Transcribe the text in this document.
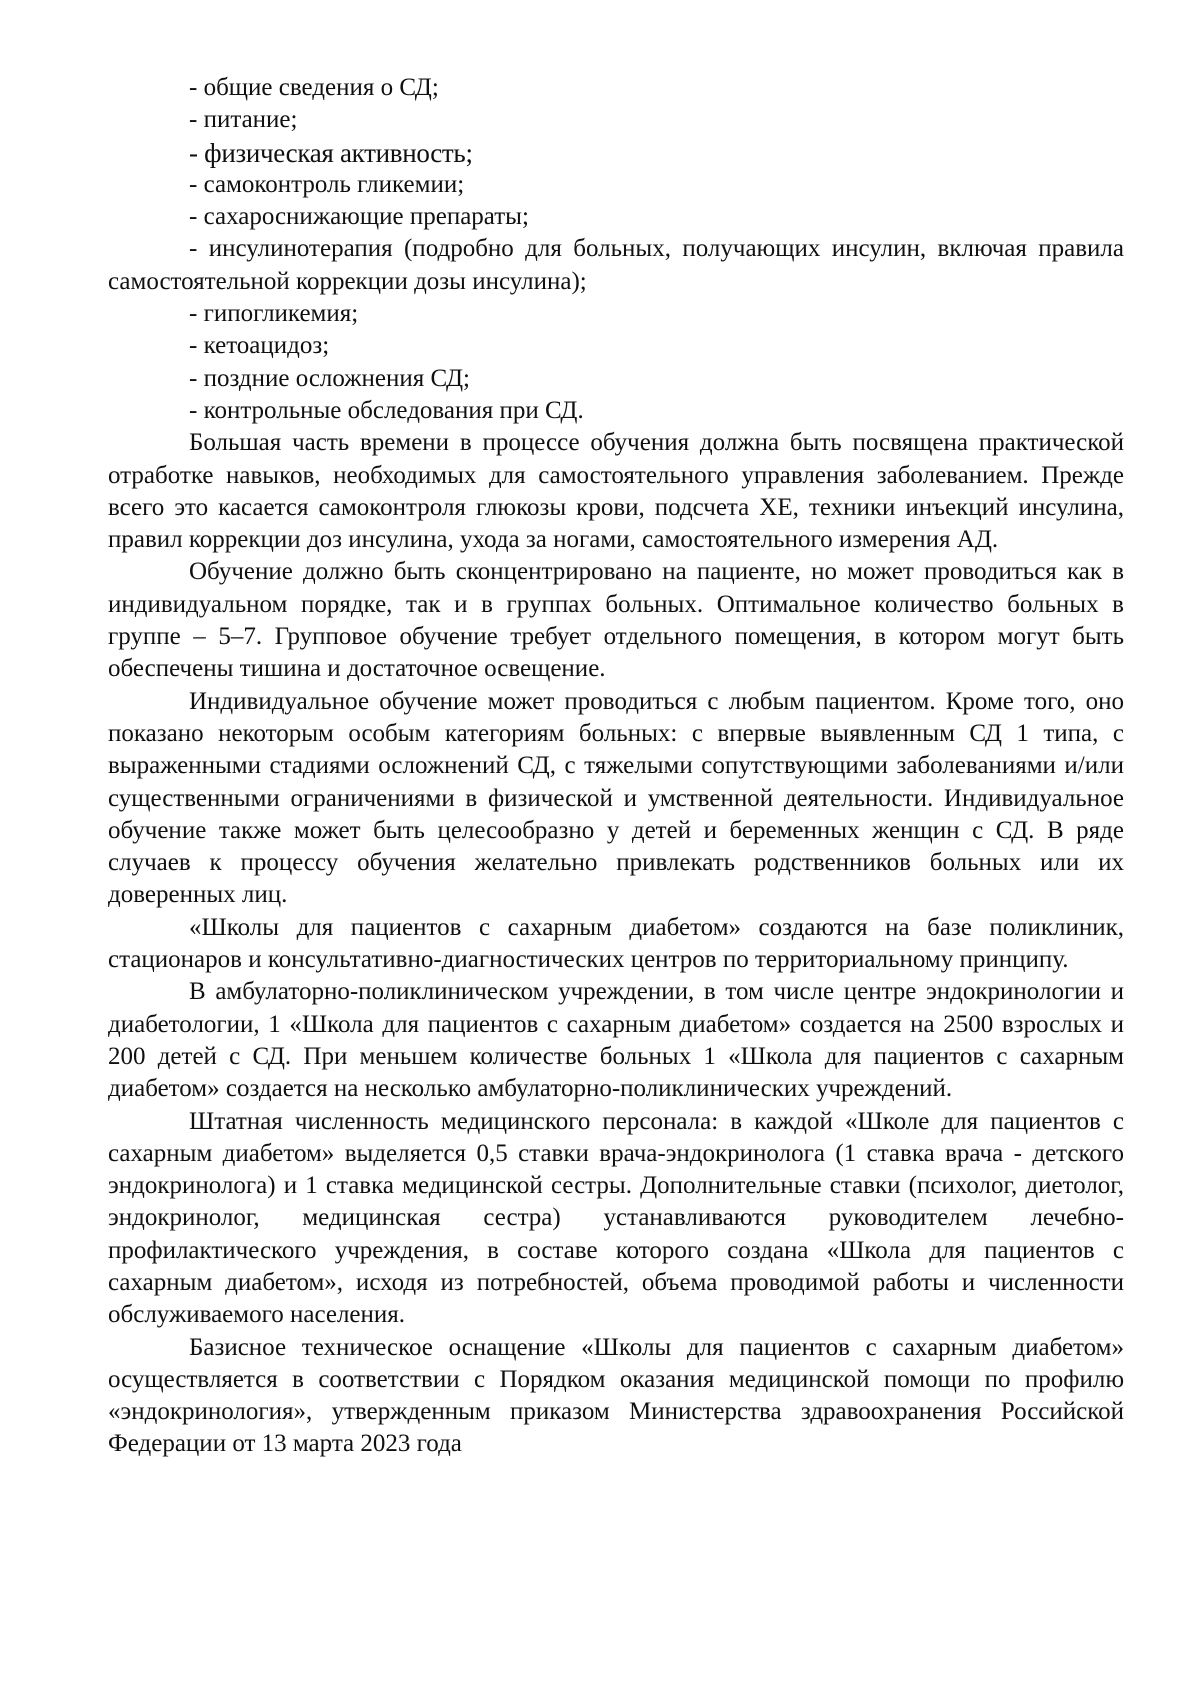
- общие сведения о СД;
- питание;
- физическая активность;
- самоконтроль гликемии;
- сахароснижающие препараты;
- инсулинотерапия (подробно для больных, получающих инсулин, включая правила самостоятельной коррекции дозы инсулина);
- гипогликемия;
- кетоацидоз;
- поздние осложнения СД;
- контрольные обследования при СД.

Большая часть времени в процессе обучения должна быть посвящена практической отработке навыков, необходимых для самостоятельного управления заболеванием. Прежде всего это касается самоконтроля глюкозы крови, подсчета ХЕ, техники инъекций инсулина, правил коррекции доз инсулина, ухода за ногами, самостоятельного измерения АД.

Обучение должно быть сконцентрировано на пациенте, но может проводиться как в индивидуальном порядке, так и в группах больных. Оптимальное количество больных в группе – 5–7. Групповое обучение требует отдельного помещения, в котором могут быть обеспечены тишина и достаточное освещение.

Индивидуальное обучение может проводиться с любым пациентом. Кроме того, оно показано некоторым особым категориям больных: с впервые выявленным СД 1 типа, с выраженными стадиями осложнений СД, с тяжелыми сопутствующими заболеваниями и/или существенными ограничениями в физической и умственной деятельности. Индивидуальное обучение также может быть целесообразно у детей и беременных женщин с СД. В ряде случаев к процессу обучения желательно привлекать родственников больных или их доверенных лиц.

«Школы для пациентов с сахарным диабетом» создаются на базе поликлиник, стационаров и консультативно-диагностических центров по территориальному принципу.

В амбулаторно-поликлиническом учреждении, в том числе центре эндокринологии и диабетологии, 1 «Школа для пациентов с сахарным диабетом» создается на 2500 взрослых и 200 детей с СД. При меньшем количестве больных 1 «Школа для пациентов с сахарным диабетом» создается на несколько амбулаторно-поликлинических учреждений.

Штатная численность медицинского персонала: в каждой «Школе для пациентов с сахарным диабетом» выделяется 0,5 ставки врача-эндокринолога (1 ставка врача - детского эндокринолога) и 1 ставка медицинской сестры. Дополнительные ставки (психолог, диетолог, эндокринолог, медицинская сестра) устанавливаются руководителем лечебно-профилактического учреждения, в составе которого создана «Школа для пациентов с сахарным диабетом», исходя из потребностей, объема проводимой работы и численности обслуживаемого населения.

Базисное техническое оснащение «Школы для пациентов с сахарным диабетом» осуществляется в соответствии с Порядком оказания медицинской помощи по профилю «эндокринология», утвержденным приказом Министерства здравоохранения Российской Федерации от 13 марта 2023 года
